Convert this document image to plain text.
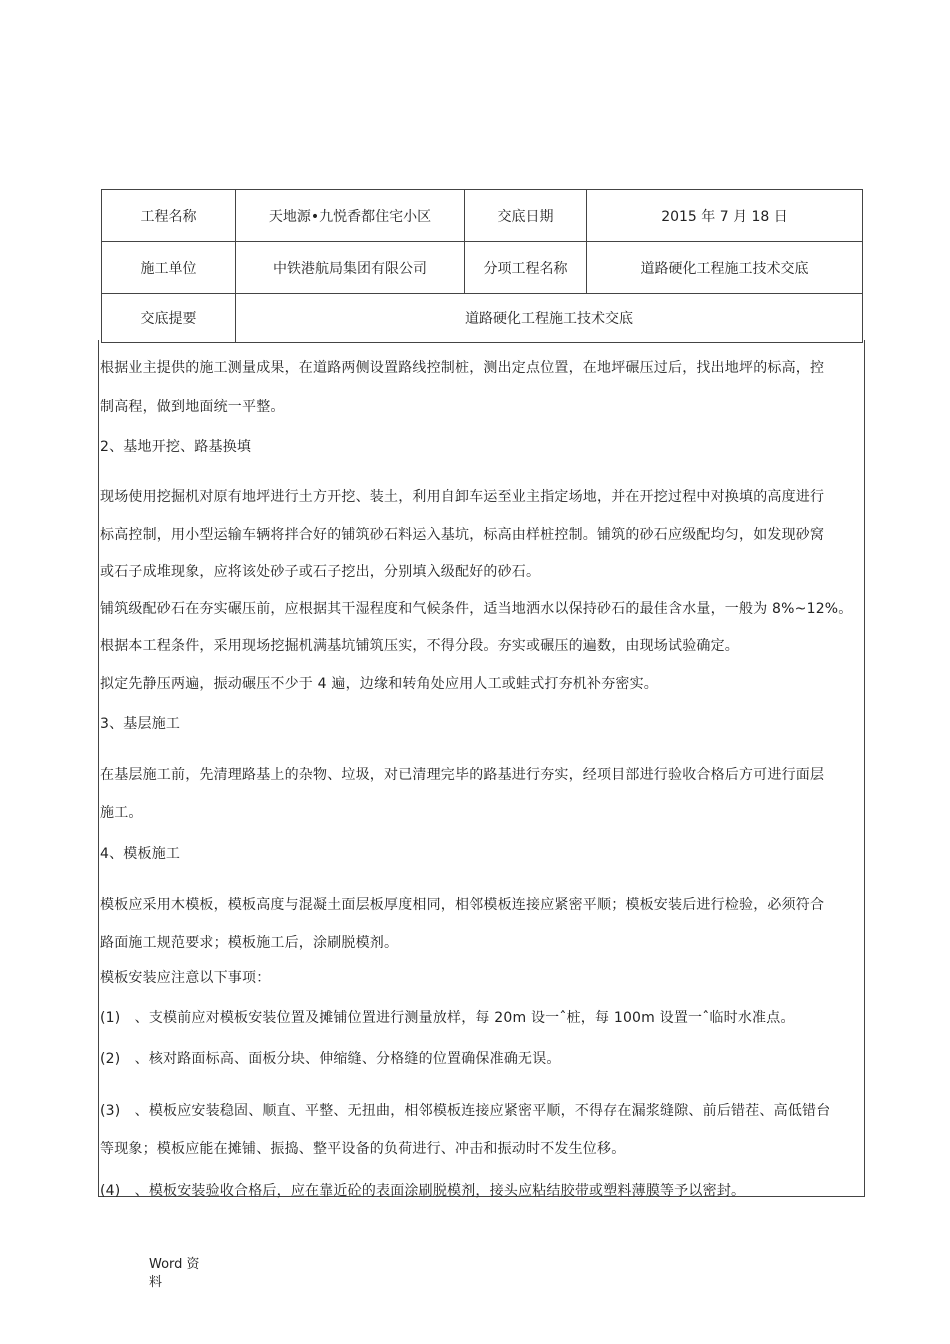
工程名称	天地源•九悦香都住宅小区	交底日期	2015 年 7 月 18 日
施工单位	中铁港航局集团有限公司	分项工程名称	道路硬化工程施工技术交底
交底提要	道路硬化工程施工技术交底		
根据业主提供的施工测量成果，在道路两侧设置路线控制桩，测出定点位置，在地坪碾压过后，找出地坪的标高，控
制高程，做到地面统一平整。
2、基地开挖、路基换填
现场使用挖掘机对原有地坪进行土方开挖、装土，利用自卸车运至业主指定场地，并在开挖过程中对换填的高度进行
标高控制，用小型运输车辆将拌合好的铺筑砂石料运入基坑，标高由样桩控制。铺筑的砂石应级配均匀，如发现砂窝
或石子成堆现象，应将该处砂子或石子挖出，分别填入级配好的砂石。
铺筑级配砂石在夯实碾压前，应根据其干湿程度和气候条件，适当地洒水以保持砂石的最佳含水量，一般为 8%~12%。
根据本工程条件，采用现场挖掘机满基坑铺筑压实，不得分段。夯实或碾压的遍数，由现场试验确定。
拟定先静压两遍，振动碾压不少于 4 遍，边缘和转角处应用人工或蛙式打夯机补夯密实。
3、基层施工
在基层施工前，先清理路基上的杂物、垃圾，对已清理完毕的路基进行夯实，经项目部进行验收合格后方可进行面层
施工。
4、模板施工
模板应采用木模板，模板高度与混凝土面层板厚度相同，相邻模板连接应紧密平顺；模板安装后进行检验，必须符合
路面施工规范要求；模板施工后，涂刷脱模剂。
模板安装应注意以下事项：
(1)　、支模前应对模板安装位置及摊铺位置进行测量放样，每 20m 设一ˆ桩，每 100m 设置一ˆ临时水准点。
(2)　、核对路面标高、面板分块、伸缩缝、分格缝的位置确保准确无误。
(3)　、模板应安装稳固、顺直、平整、无扭曲，相邻模板连接应紧密平顺，不得存在漏浆缝隙、前后错茬、高低错台
等现象；模板应能在摊铺、振捣、整平设备的负荷进行、冲击和振动时不发生位移。
(4)　、模板安装验收合格后，应在靠近砼的表面涂刷脱模剂，接头应粘结胶带或塑料薄膜等予以密封。
Word 资
料
